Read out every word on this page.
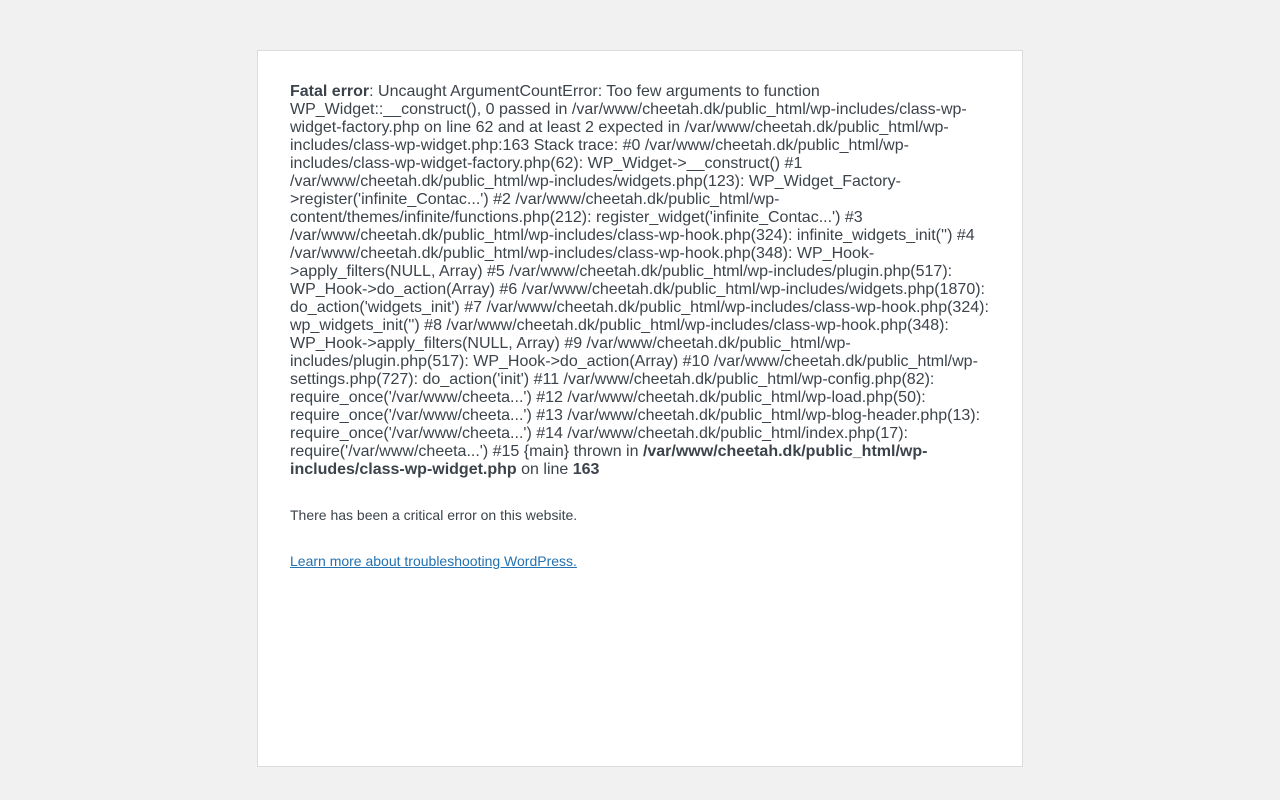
Fatal error: Uncaught ArgumentCountError: Too few arguments to function WP_Widget::__construct(), 0 passed in /var/www/cheetah.dk/public_html/wp-includes/class-wp-widget-factory.php on line 62 and at least 2 expected in /var/www/cheetah.dk/public_html/wp-includes/class-wp-widget.php:163 Stack trace: #0 /var/www/cheetah.dk/public_html/wp-includes/class-wp-widget-factory.php(62): WP_Widget->__construct() #1 /var/www/cheetah.dk/public_html/wp-includes/widgets.php(123): WP_Widget_Factory->register('infinite_Contac...') #2 /var/www/cheetah.dk/public_html/wp-content/themes/infinite/functions.php(212): register_widget('infinite_Contac...') #3 /var/www/cheetah.dk/public_html/wp-includes/class-wp-hook.php(324): infinite_widgets_init('') #4 /var/www/cheetah.dk/public_html/wp-includes/class-wp-hook.php(348): WP_Hook->apply_filters(NULL, Array) #5 /var/www/cheetah.dk/public_html/wp-includes/plugin.php(517): WP_Hook->do_action(Array) #6 /var/www/cheetah.dk/public_html/wp-includes/widgets.php(1870): do_action('widgets_init') #7 /var/www/cheetah.dk/public_html/wp-includes/class-wp-hook.php(324): wp_widgets_init('') #8 /var/www/cheetah.dk/public_html/wp-includes/class-wp-hook.php(348): WP_Hook->apply_filters(NULL, Array) #9 /var/www/cheetah.dk/public_html/wp-includes/plugin.php(517): WP_Hook->do_action(Array) #10 /var/www/cheetah.dk/public_html/wp-settings.php(727): do_action('init') #11 /var/www/cheetah.dk/public_html/wp-config.php(82): require_once('/var/www/cheeta...') #12 /var/www/cheetah.dk/public_html/wp-load.php(50): require_once('/var/www/cheeta...') #13 /var/www/cheetah.dk/public_html/wp-blog-header.php(13): require_once('/var/www/cheeta...') #14 /var/www/cheetah.dk/public_html/index.php(17): require('/var/www/cheeta...') #15 {main} thrown in /var/www/cheetah.dk/public_html/wp-includes/class-wp-widget.php on line 163

There has been a critical error on this website.

Learn more about troubleshooting WordPress.
